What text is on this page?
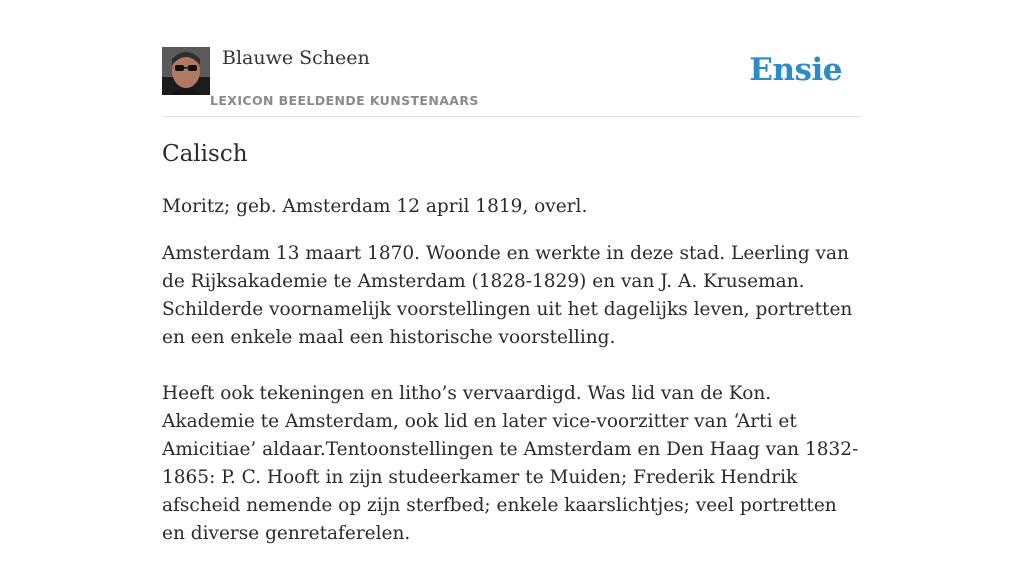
Blauwe Scheen
LEXICON BEELDENDE KUNSTENAARS
Ensie
Calisch

Moritz; geb. Amsterdam 12 april 1819, overl.

Amsterdam 13 maart 1870. Woonde en werkte in deze stad. Leerling van de Rijksakademie te Amsterdam (1828-1829) en van J. A. Kruseman. Schilderde voornamelijk voorstellingen uit het dagelijks leven, portretten en een enkele maal een historische voorstelling.

Heeft ook tekeningen en litho’s vervaardigd. Was lid van de Kon. Akademie te Amsterdam, ook lid en later vice-voorzitter van ‘Arti et Amicitiae’ aldaar.Tentoonstellingen te Amsterdam en Den Haag van 1832-1865: P. C. Hooft in zijn studeerkamer te Muiden; Frederik Hendrik afscheid nemende op zijn sterfbed; enkele kaarslichtjes; veel portretten en diverse genretaferelen.
